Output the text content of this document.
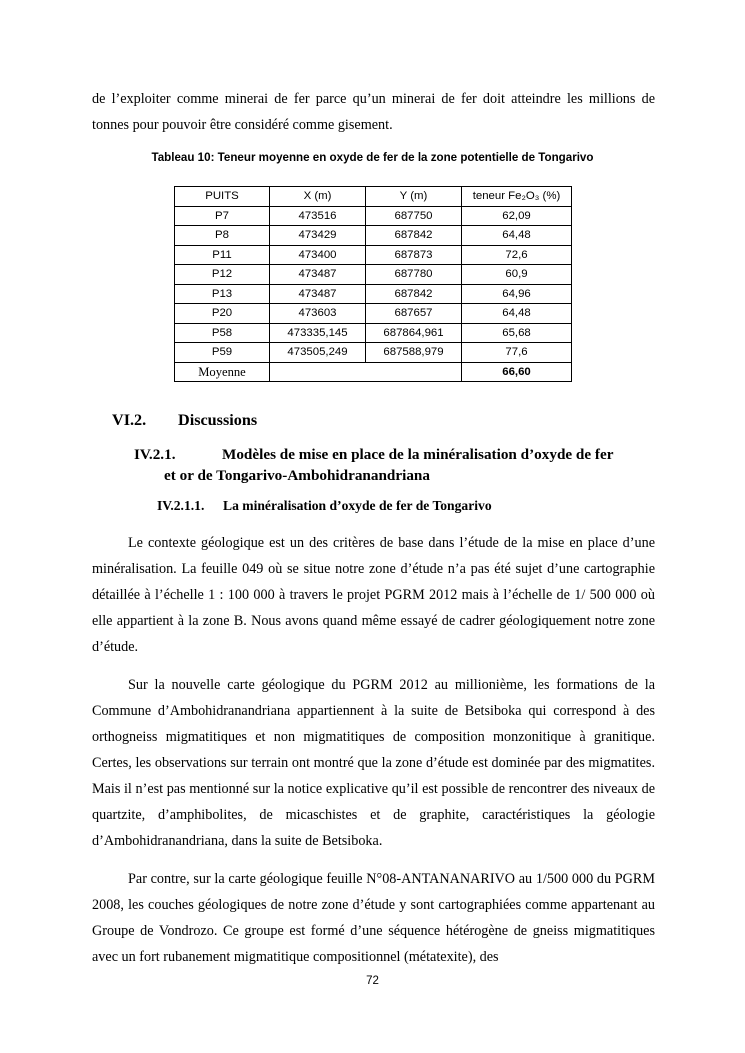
de l’exploiter comme minerai de fer parce qu’un minerai de fer doit atteindre les millions de tonnes pour pouvoir être considéré comme gisement.

Tableau 10: Teneur moyenne en oxyde de fer de la zone potentielle de Tongarivo

PUITS	X (m)	Y (m)	teneur Fe₂O₃ (%)
P7	473516	687750	62,09
P8	473429	687842	64,48
P11	473400	687873	72,6
P12	473487	687780	60,9
P13	473487	687842	64,96
P20	473603	687657	64,48
P58	473335,145	687864,961	65,68
P59	473505,249	687588,979	77,6
Moyenne			66,60
VI.2. Discussions
IV.2.1.	Modèles de mise en place de la minéralisation d’oxyde de fer
et or de Tongarivo-Ambohidranandriana
IV.2.1.1. La minéralisation d’oxyde de fer de Tongarivo

Le contexte géologique est un des critères de base dans l’étude de la mise en place d’une minéralisation. La feuille 049 où se situe notre zone d’étude n’a pas été sujet d’une cartographie détaillée à l’échelle 1 : 100 000 à travers le projet PGRM 2012 mais à l’échelle de 1/ 500 000 où elle appartient à la zone B. Nous avons quand même essayé de cadrer géologiquement notre zone d’étude.

Sur la nouvelle carte géologique du PGRM 2012 au millionième, les formations de la Commune d’Ambohidranandriana appartiennent à la suite de Betsiboka qui correspond à des orthogneiss migmatitiques et non migmatitiques de composition monzonitique à granitique. Certes, les observations sur terrain ont montré que la zone d’étude est dominée par des migmatites. Mais il n’est pas mentionné sur la notice explicative qu’il est possible de rencontrer des niveaux de quartzite, d’amphibolites, de micaschistes et de graphite, caractéristiques la géologie d’Ambohidranandriana, dans la suite de Betsiboka.

Par contre, sur la carte géologique feuille N°08-ANTANANARIVO au 1/500 000 du PGRM 2008, les couches géologiques de notre zone d’étude y sont cartographiées comme appartenant au Groupe de Vondrozo. Ce groupe est formé d’une séquence hétérogène de gneiss migmatitiques avec un fort rubanement migmatitique compositionnel (métatexite), des

72
